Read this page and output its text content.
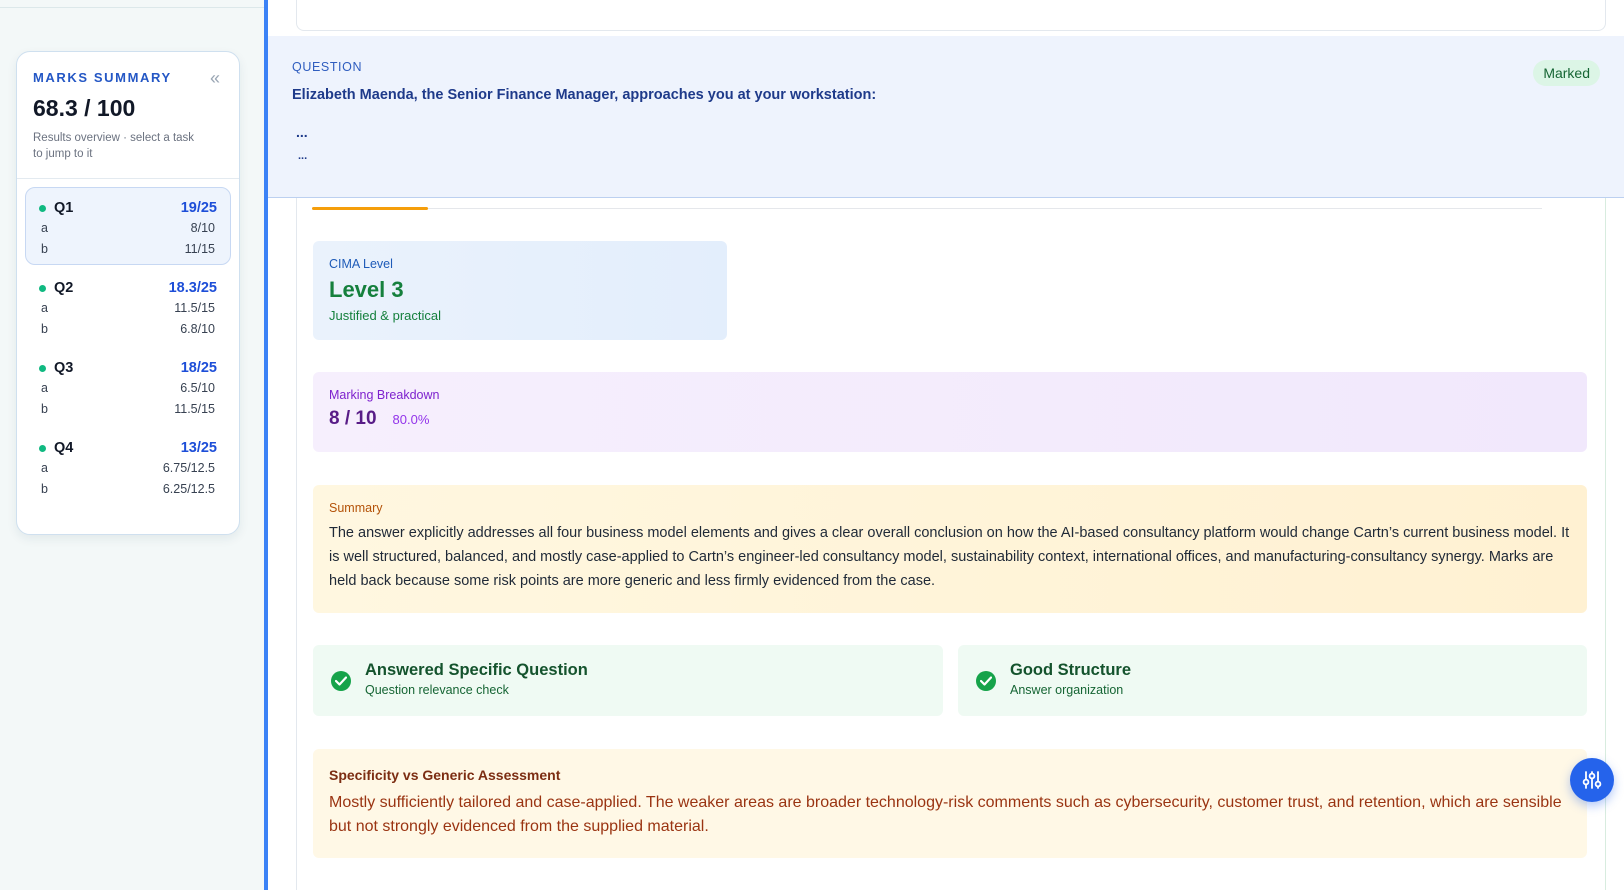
MARKS SUMMARY	«
68.3 / 100
Results overview · select a task to jump to it
Q1	19/25
a	8/10
b	11/15
Q2	18.3/25
a	11.5/15
b	6.8/10
Q3	18/25
a	6.5/10
b	11.5/15
Q4	13/25
a	6.75/12.5
b	6.25/12.5
QUESTION
Elizabeth Maenda, the Senior Finance Manager, approaches you at your workstation:
...
...
Marked
CIMA Level
Level 3
Justified & practical
Marking Breakdown
8 / 10 80.0%
Summary
The answer explicitly addresses all four business model elements and gives a clear overall conclusion on how the AI-based consultancy platform would change Cartn’s current business model. It is well structured, balanced, and mostly case-applied to Cartn’s engineer-led consultancy model, sustainability context, international offices, and manufacturing-consultancy synergy. Marks are held back because some risk points are more generic and less firmly evidenced from the case.
Answered Specific Question
Question relevance check
Good Structure
Answer organization
Specificity vs Generic Assessment
Mostly sufficiently tailored and case-applied. The weaker areas are broader technology-risk comments such as cybersecurity, customer trust, and retention, which are sensible but not strongly evidenced from the supplied material.
